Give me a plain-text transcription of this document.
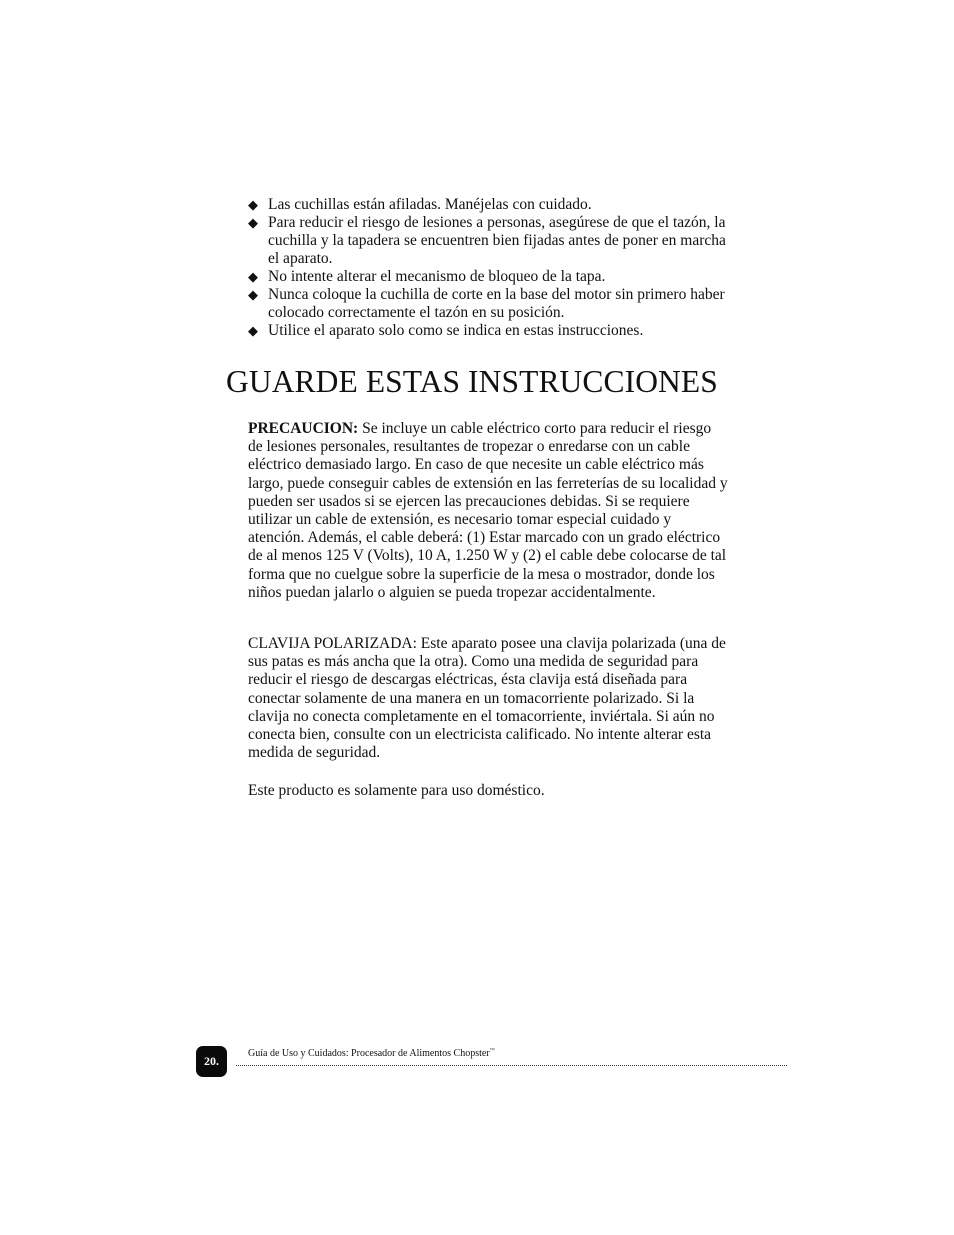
◆ Las cuchillas están afiladas. Manéjelas con cuidado.
◆ Para reducir el riesgo de lesiones a personas, asegúrese de que el tazón, la cuchilla y la tapadera se encuentren bien fijadas antes de poner en marcha el aparato.
◆ No intente alterar el mecanismo de bloqueo de la tapa.
◆ Nunca coloque la cuchilla de corte en la base del motor sin primero haber colocado correctamente el tazón en su posición.
◆ Utilice el aparato solo como se indica en estas instrucciones.
GUARDE ESTAS INSTRUCCIONES

PRECAUCION: Se incluye un cable eléctrico corto para reducir el riesgo de lesiones personales, resultantes de tropezar o enredarse con un cable eléctrico demasiado largo. En caso de que necesite un cable eléctrico más largo, puede conseguir cables de extensión en las ferreterías de su localidad y pueden ser usados si se ejercen las precauciones debidas. Si se requiere utilizar un cable de extensión, es necesario tomar especial cuidado y atención. Además, el cable deberá: (1) Estar marcado con un grado eléctrico de al menos 125 V (Volts), 10 A, 1.250 W y (2) el cable debe colocarse de tal forma que no cuelgue sobre la superficie de la mesa o mostrador, donde los niños puedan jalarlo o alguien se pueda tropezar accidentalmente.

CLAVIJA POLARIZADA: Este aparato posee una clavija polarizada (una de sus patas es más ancha que la otra). Como una medida de seguridad para reducir el riesgo de descargas eléctricas, ésta clavija está diseñada para conectar solamente de una manera en un tomacorriente polarizado. Si la clavija no conecta completamente en el tomacorriente, inviértala. Si aún no conecta bien, consulte con un electricista calificado. No intente alterar esta medida de seguridad.

Este producto es solamente para uso doméstico.

20.
Guía de Uso y Cuidados: Procesador de Alimentos Chopster™
